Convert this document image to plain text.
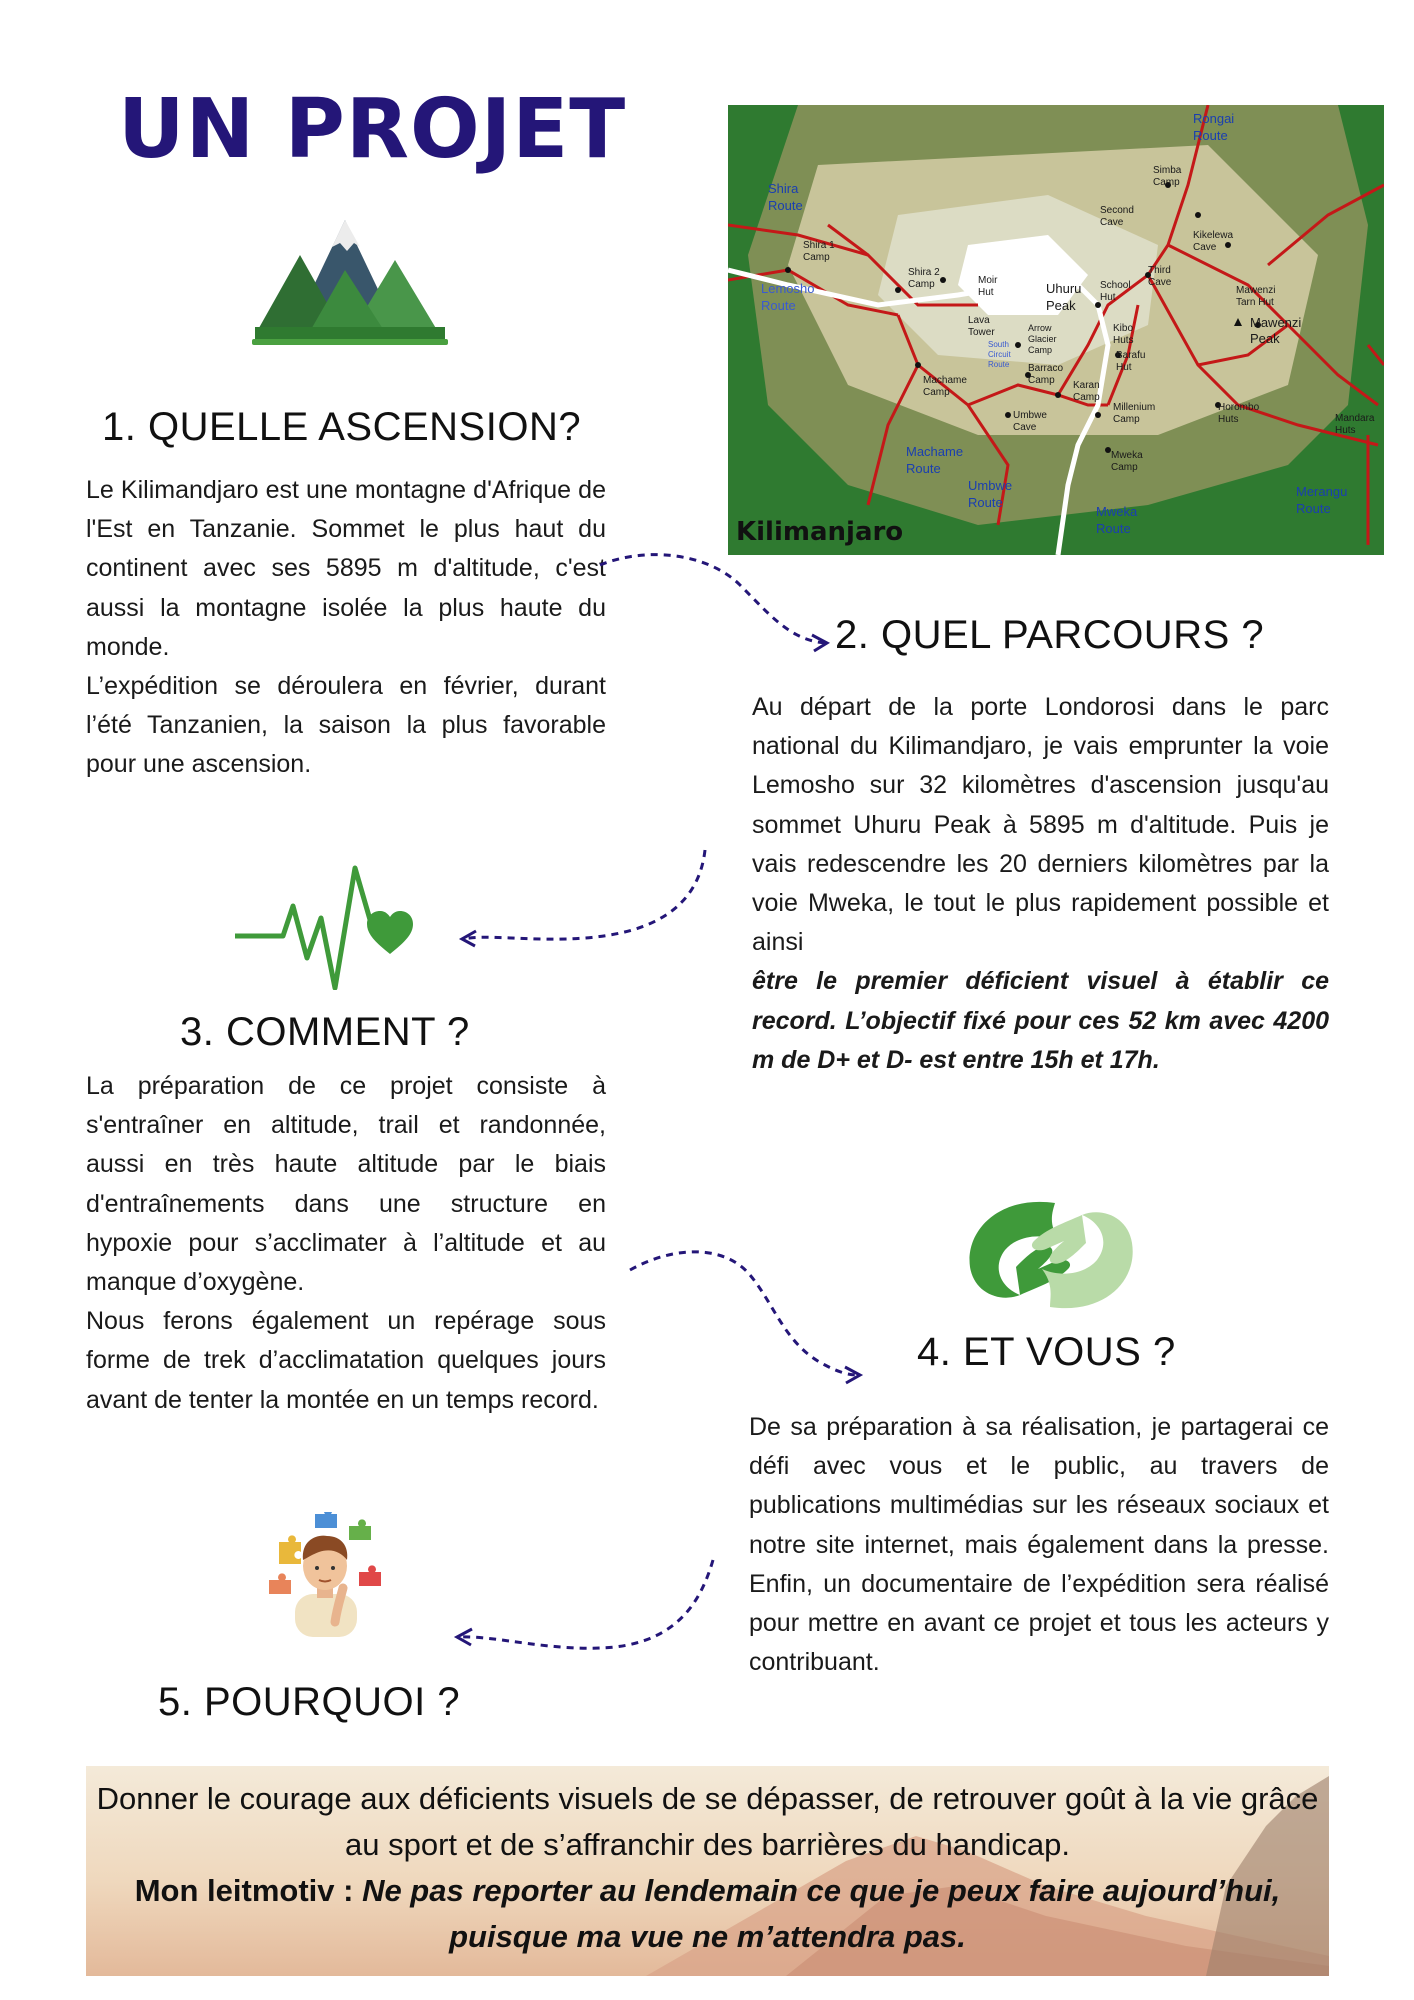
UN PROJET
Shira
Route
Lemosho
Route
Machame
Route
Umbwe
Route
Mweka
Route
Rongai
Route
Merangu
Route
South
Circuit
Route
Shira 1
Camp
Shira 2
Camp	Moir
Hut	Uhuru
Peak
School
Hut
Second
Cave
Simba
Camp
Third
Cave
Kikelewa
Cave
Mawenzi
Tarn Hut
Mawenzi
Peak
Lava
Tower	Arrow
Glacier
Camp
Kibo
Huts
Barafu
Hut
Barraco
Camp	Karan
Camp
Machame
Camp
Umbwe
Cave
Millenium
Camp
Horombo
Huts	Mandara
Huts
Mweka
Camp
Kilimanjaro
1. QUELLE ASCENSION?

Le Kilimandjaro est une montagne d'Afrique de l'Est en Tanzanie. Sommet le plus haut du continent avec ses 5895 m d'altitude, c'est aussi la montagne isolée la plus haute du monde.

L’expédition se déroulera en février, durant l’été Tanzanien, la saison la plus favorable pour une ascension.

2. QUEL PARCOURS ?

Au départ de la porte Londorosi dans le parc national du Kilimandjaro, je vais emprunter la voie Lemosho sur 32 kilomètres d'ascension jusqu'au sommet Uhuru Peak à 5895 m d'altitude. Puis je vais redescendre les 20 derniers kilomètres par la voie Mweka, le tout le plus rapidement possible et ainsi

être le premier déficient visuel à établir ce record. L’objectif fixé pour ces 52 km avec 4200 m de D+ et D- est entre 15h et 17h.

3. COMMENT ?

La préparation de ce projet consiste à s'entraîner en altitude, trail et randonnée, aussi en très haute altitude par le biais d'entraînements dans une structure en hypoxie pour s’acclimater à l’altitude et au manque d’oxygène.

Nous ferons également un repérage sous forme de trek d’acclimatation quelques jours avant de tenter la montée en un temps record.

4. ET VOUS ?

De sa préparation à sa réalisation, je partagerai ce défi avec vous et le public, au travers de publications multimédias sur les réseaux sociaux et notre site internet, mais également dans la presse. Enfin, un documentaire de l’expédition sera réalisé pour mettre en avant ce projet et tous les acteurs y contribuant.

5. POURQUOI ?
Donner le courage aux déficients visuels de se dépasser, de retrouver goût à la vie grâce au sport et de s’affranchir des barrières du handicap.
Mon leitmotiv : Ne pas reporter au lendemain ce que je peux faire aujourd’hui, puisque ma vue ne m’attendra pas.
